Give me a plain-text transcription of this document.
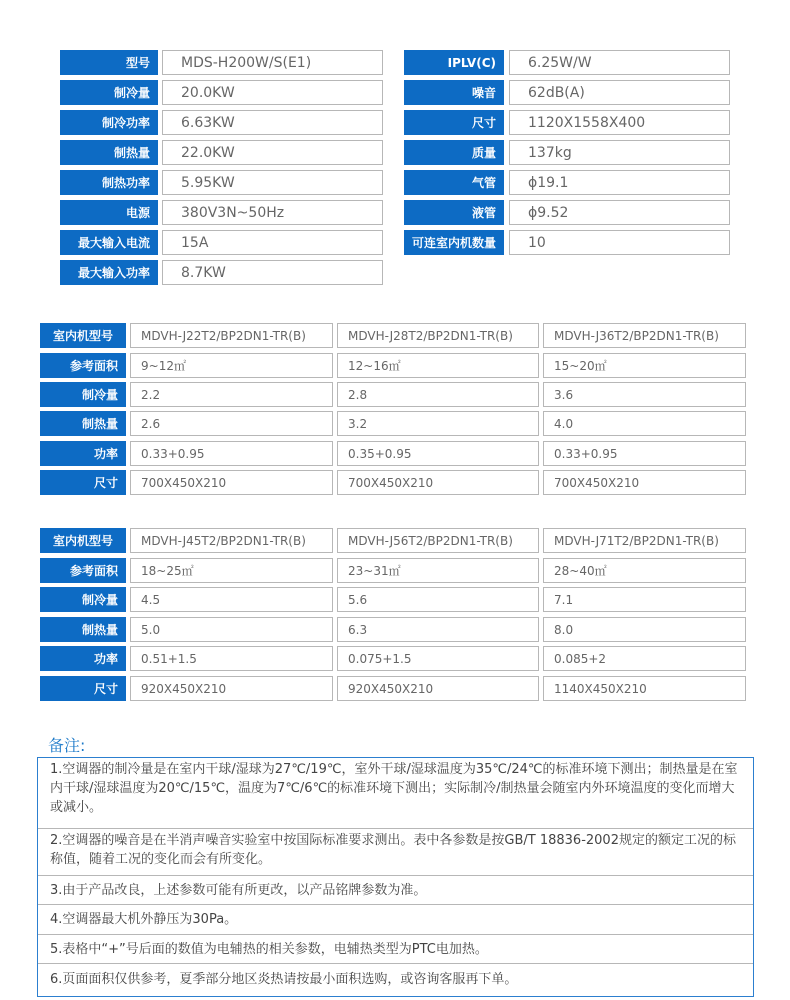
型号	MDS-H200W/S(E1)
制冷量	20.0KW
制冷功率	6.63KW
制热量	22.0KW
制热功率	5.95KW
电源	380V3N~50Hz
最大输入电流	15A
最大输入功率	8.7KW
IPLV(C)	6.25W/W
噪音	62dB(A)
尺寸	1120X1558X400
质量	137kg
气管	ϕ19.1
液管	ϕ9.52
可连室内机数量	10
室内机型号	MDVH-J22T2/BP2DN1-TR(B)	MDVH-J28T2/BP2DN1-TR(B)	MDVH-J36T2/BP2DN1-TR(B)
参考面积	9~12㎡	12~16㎡	15~20㎡
制冷量	2.2	2.8	3.6
制热量	2.6	3.2	4.0
功率	0.33+0.95	0.35+0.95	0.33+0.95
尺寸	700X450X210	700X450X210	700X450X210
室内机型号	MDVH-J45T2/BP2DN1-TR(B)	MDVH-J56T2/BP2DN1-TR(B)	MDVH-J71T2/BP2DN1-TR(B)
参考面积	18~25㎡	23~31㎡	28~40㎡
制冷量	4.5	5.6	7.1
制热量	5.0	6.3	8.0
功率	0.51+1.5	0.075+1.5	0.085+2
尺寸	920X450X210	920X450X210	1140X450X210
备注:
1.空调器的制冷量是在室内干球/湿球为27℃/19℃，室外干球/湿球温度为35℃/24℃的标准环境下测出；制热量是在室内干球/湿球温度为20℃/15℃，温度为7℃/6℃的标准环境下测出；实际制冷/制热量会随室内外环境温度的变化而增大或减小。
2.空调器的噪音是在半消声噪音实验室中按国际标准要求测出。表中各参数是按GB/T 18836-2002规定的额定工况的标称值，随着工况的变化而会有所变化。
3.由于产品改良，上述参数可能有所更改，以产品铭牌参数为准。
4.空调器最大机外静压为30Pa。
5.表格中“+”号后面的数值为电辅热的相关参数，电辅热类型为PTC电加热。
6.页面面积仅供参考，夏季部分地区炎热请按最小面积选购，或咨询客服再下单。
